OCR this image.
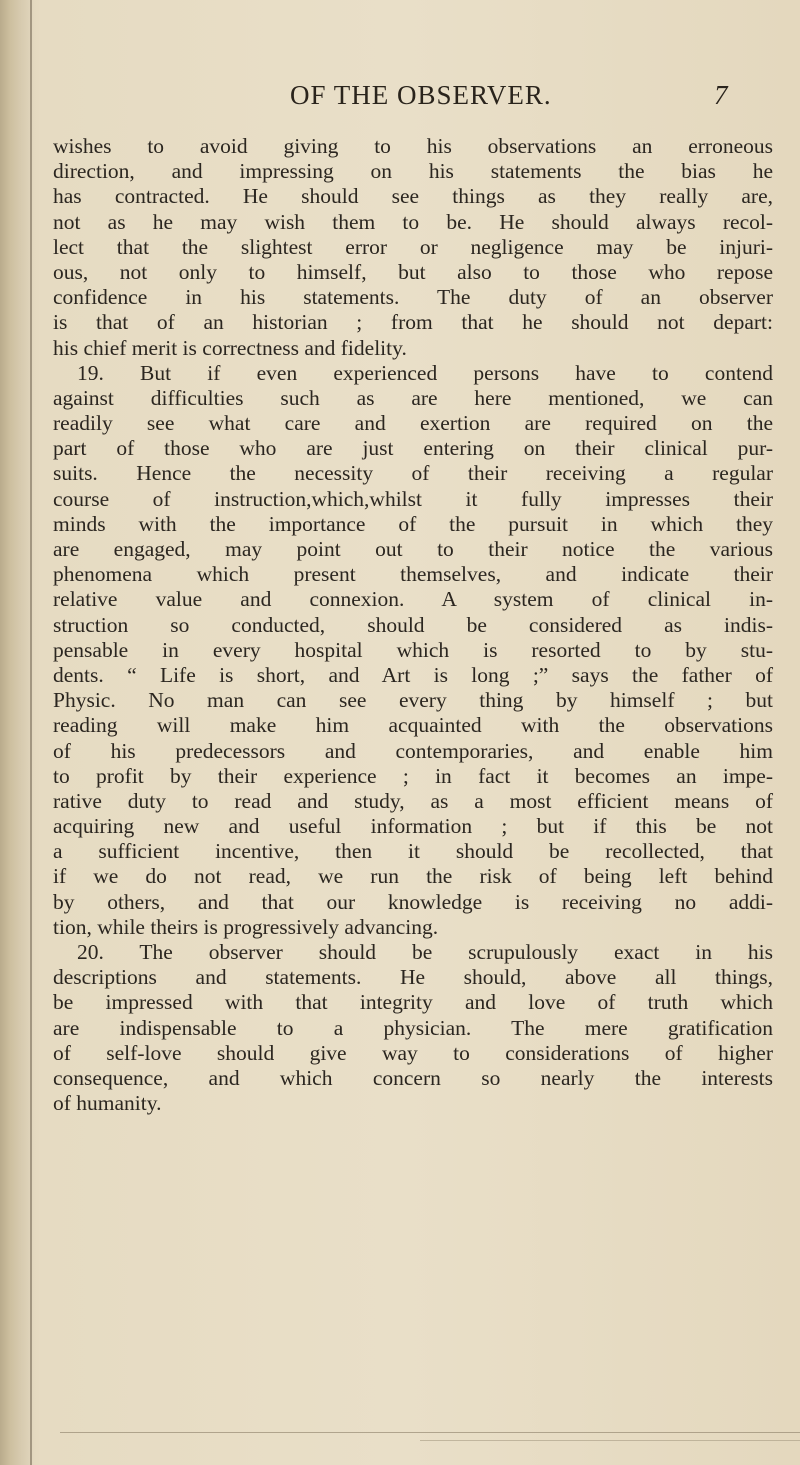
OF THE OBSERVER.	7
wishes to avoid giving to his observations an erroneous
direction, and impressing on his statements the bias he
has contracted. He should see things as they really are,
not as he may wish them to be. He should always recol-
lect that the slightest error or negligence may be injuri-
ous, not only to himself, but also to those who repose
confidence in his statements. The duty of an observer
is that of an historian ; from that he should not depart:
his chief merit is correctness and fidelity.
19. But if even experienced persons have to contend
against difficulties such as are here mentioned, we can
readily see what care and exertion are required on the
part of those who are just entering on their clinical pur-
suits. Hence the necessity of their receiving a regular
course of instruction,which,whilst it fully impresses their
minds with the importance of the pursuit in which they
are engaged, may point out to their notice the various
phenomena which present themselves, and indicate their
relative value and connexion. A system of clinical in-
struction so conducted, should be considered as indis-
pensable in every hospital which is resorted to by stu-
dents. “ Life is short, and Art is long ;” says the father of
Physic. No man can see every thing by himself ; but
reading will make him acquainted with the observations
of his predecessors and contemporaries, and enable him
to profit by their experience ; in fact it becomes an impe-
rative duty to read and study, as a most efficient means of
acquiring new and useful information ; but if this be not
a sufficient incentive, then it should be recollected, that
if we do not read, we run the risk of being left behind
by others, and that our knowledge is receiving no addi-
tion, while theirs is progressively advancing.
20. The observer should be scrupulously exact in his
descriptions and statements. He should, above all things,
be impressed with that integrity and love of truth which
are indispensable to a physician. The mere gratification
of self-love should give way to considerations of higher
consequence, and which concern so nearly the interests
of humanity.
